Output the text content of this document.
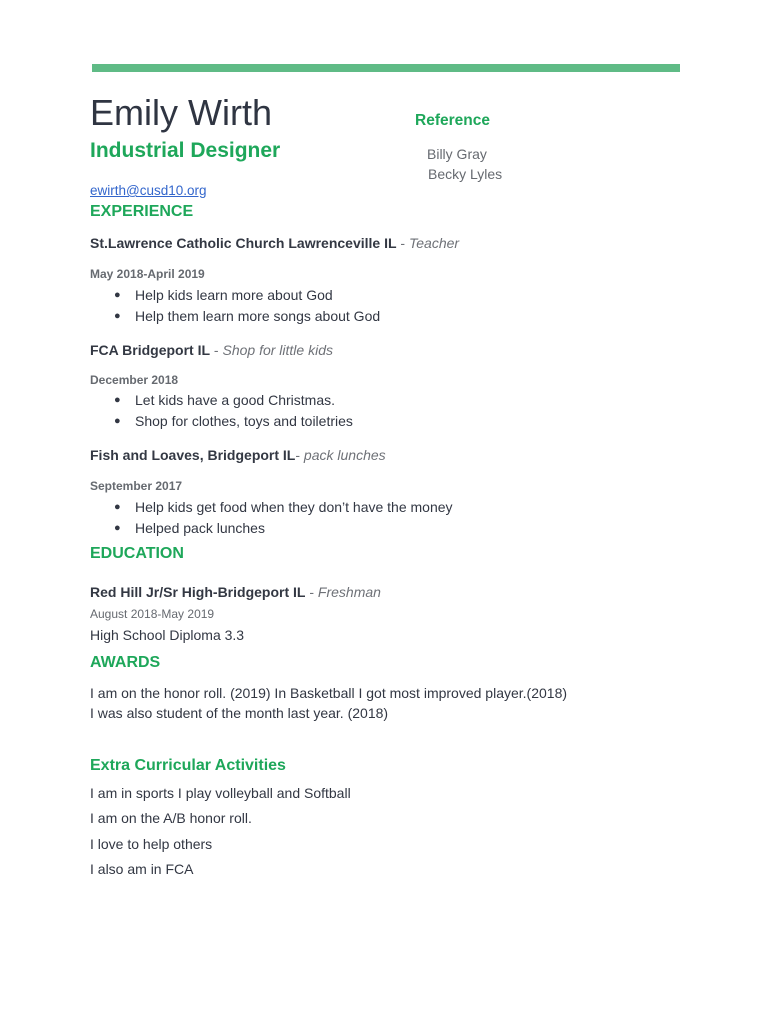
Emily Wirth
Industrial Designer
ewirth@cusd10.org
Reference
Billy Gray
Becky Lyles
EXPERIENCE
St.Lawrence Catholic Church Lawrenceville IL - Teacher
May 2018-April 2019
● Help kids learn more about God
● Help them learn more songs about God
FCA Bridgeport IL - Shop for little kids
December 2018
● Let kids have a good Christmas.
● Shop for clothes, toys and toiletries
Fish and Loaves, Bridgeport IL- pack lunches
September 2017
● Help kids get food when they don’t have the money
● Helped pack lunches
EDUCATION
Red Hill Jr/Sr High-Bridgeport IL - Freshman
August 2018-May 2019
High School Diploma 3.3
AWARDS

I am on the honor roll. (2019) In Basketball I got most improved player.(2018) I was also student of the month last year. (2018)

Extra Curricular Activities
I am in sports I play volleyball and Softball
I am on the A/B honor roll.
I love to help others
I also am in FCA
